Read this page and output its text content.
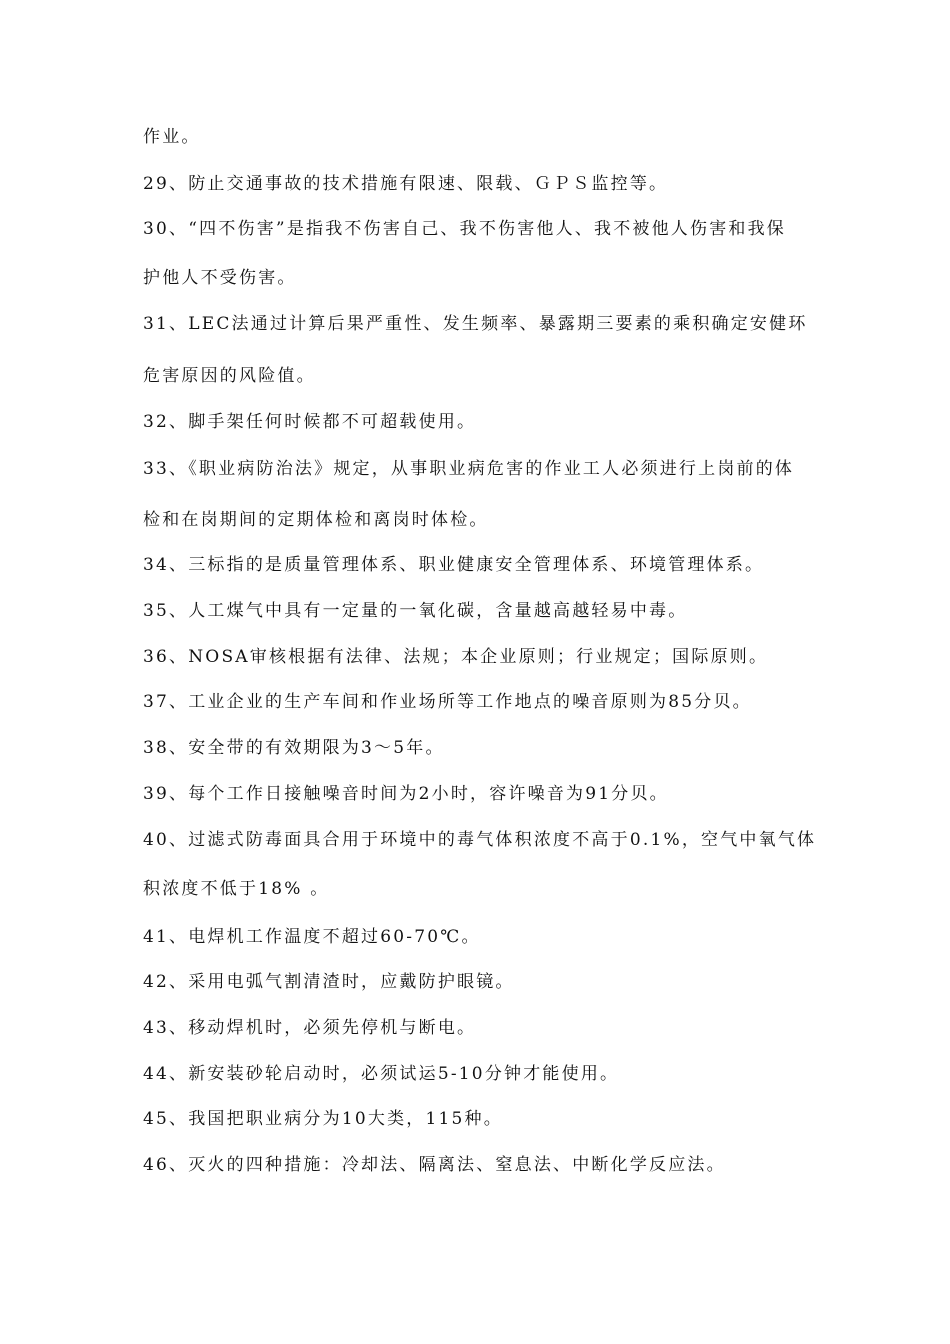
作业。
29、防止交通事故的技术措施有限速、限载、ＧＰＳ监控等。
30、“四不伤害”是指我不伤害自己、我不伤害他人、我不被他人伤害和我保
护他人不受伤害。
31、LEC法通过计算后果严重性、发生频率、暴露期三要素的乘积确定安健环
危害原因的风险值。
32、脚手架任何时候都不可超载使用。
33、《职业病防治法》规定，从事职业病危害的作业工人必须进行上岗前的体
检和在岗期间的定期体检和离岗时体检。
34、三标指的是质量管理体系、职业健康安全管理体系、环境管理体系。
35、人工煤气中具有一定量的一氧化碳，含量越高越轻易中毒。
36、NOSA审核根据有法律、法规；本企业原则；行业规定；国际原则。
37、工业企业的生产车间和作业场所等工作地点的噪音原则为85分贝。
38、安全带的有效期限为3～5年。
39、每个工作日接触噪音时间为2小时，容许噪音为91分贝。
40、过滤式防毒面具合用于环境中的毒气体积浓度不高于0.1%，空气中氧气体
积浓度不低于18% 。
41、电焊机工作温度不超过60-70℃。
42、采用电弧气割清渣时，应戴防护眼镜。
43、移动焊机时，必须先停机与断电。
44、新安装砂轮启动时，必须试运5-10分钟才能使用。
45、我国把职业病分为10大类，115种。
46、灭火的四种措施：冷却法、隔离法、窒息法、中断化学反应法。
